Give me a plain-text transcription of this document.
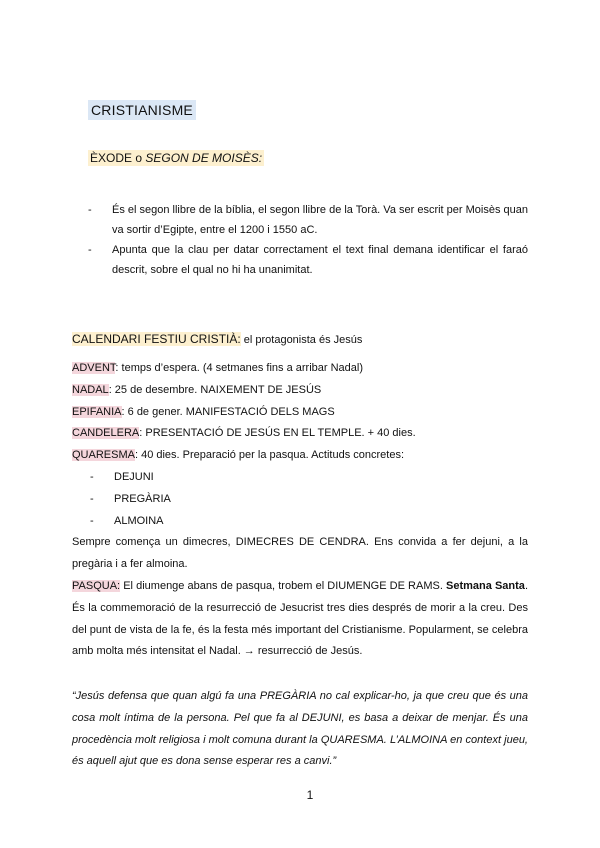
CRISTIANISME
ÈXODE o SEGON DE MOISÈS:
-	És el segon llibre de la bíblia, el segon llibre de la Torà. Va ser escrit per Moisès quan va sortir d’Egipte, entre el 1200 i 1550 aC.
-	Apunta que la clau per datar correctament el text final demana identificar el faraó descrit, sobre el qual no hi ha unanimitat.
CALENDARI FESTIU CRISTIÀ: el protagonista és Jesús
ADVENT: temps d’espera. (4 setmanes fins a arribar Nadal)
NADAL: 25 de desembre. NAIXEMENT DE JESÚS
EPIFANIA: 6 de gener. MANIFESTACIÓ DELS MAGS
CANDELERA: PRESENTACIÓ DE JESÚS EN EL TEMPLE. + 40 dies.
QUARESMA: 40 dies. Preparació per la pasqua. Actituds concretes:
-	DEJUNI
-	PREGÀRIA
-	ALMOINA
Sempre comença un dimecres, DIMECRES DE CENDRA. Ens convida a fer dejuni, a la pregària i a fer almoina.
PASQUA: El diumenge abans de pasqua, trobem el DIUMENGE DE RAMS. Setmana Santa. És la commemoració de la resurrecció de Jesucrist tres dies després de morir a la creu. Des del punt de vista de la fe, és la festa més important del Cristianisme. Popularment, se celebra amb molta més intensitat el Nadal. → resurrecció de Jesús.
“Jesús defensa que quan algú fa una PREGÀRIA no cal explicar-ho, ja que creu que és una cosa molt íntima de la persona. Pel que fa al DEJUNI, es basa a deixar de menjar. És una procedència molt religiosa i molt comuna durant la QUARESMA. L’ALMOINA en context jueu, és aquell ajut que es dona sense esperar res a canvi.”
1
